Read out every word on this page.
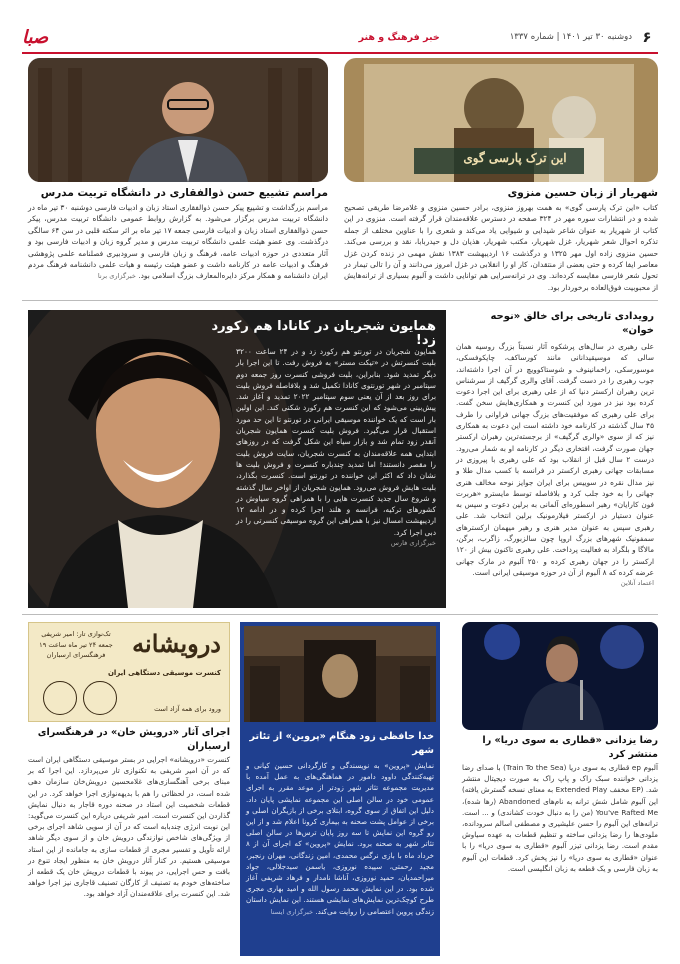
۶
دوشنبه ۳۰ تیر ۱۴۰۱ | شماره ۱۳۳۷
خبر فرهنگ و هنر
صبا
این ترک پارسی گوی
شهریار از زبان حسین منزوی
کتاب «این ترک پارسی گوی» به همت بهروز منزوی، برادر حسین منزوی و غلامرضا طریقی تصحیح شده و در انتشارات سوره مهر در ۳۲۴ صفحه در دسترس علاقه‌مندان قرار گرفته است. منزوی در این کتاب از شهریار به عنوان شاعر شیدایی و شیوایی یاد می‌کند و شعری را با عناوین مختلف از جمله تذکره احوال شعر شهریار، غزل شهریار، مکتب شهریار، هذیان دل و حیدربابا، نقد و بررسی می‌کند. حسین منزوی زاده اول مهر ۱۳۲۵ و درگذشت ۱۶ اردیبهشت ۱۳۸۳ نقش مهمی در زنده کردن غزل معاصر ایفا کرده و حتی بعضی از منتقدان، کار او را انقلابی در غزل امروز می‌دانند و آن را تالی تیمار در تحول شعر فارسی مقایسه کرده‌اند. وی در ترانه‌سرایی هم توانایی داشت و آلبوم بسیاری از ترانه‌هایش از محبوبیت فوق‌العاده برخوردار بود.
مراسم تشییع حسن ذوالفقاری در دانشگاه تربیت مدرس
مراسم بزرگداشت و تشییع پیکر حسن ذوالفقاری استاد زبان و ادبیات فارسی دوشنبه ۳۰ تیر ماه در دانشگاه تربیت مدرس برگزار می‌شود. به گزارش روابط عمومی دانشگاه تربیت مدرس، پیکر حسن ذوالفقاری استاد زبان و ادبیات فارسی جمعه ۱۷ تیر ماه بر اثر سکته قلبی در سن ۶۴ سالگی درگذشت. وی عضو هیئت علمی دانشگاه تربیت مدرس و مدیر گروه زبان و ادبیات فارسی بود و آثار متعددی در حوزه ادبیات عامه، فرهنگ و زبان فارسی و سرودبیری فصلنامه علمی پژوهشی فرهنگ و ادبیات عامه در کارنامه داشت و عضو هیئت رئیسه و هیات علمی دانشنامه فرهنگ مردم ایران دانشنامه و همکار مرکز دایره‌المعارف بزرگ اسلامی بود. خبرگزاری برنا
همایون شجریان در کانادا هم رکورد زد!
همایون شجریان در تورنتو هم رکورد زد و در ۲۴ ساعت ۳۲۰۰ بلیت کنسرتش در «تیکت مستر» به فروش رفت. تا این اجرا بار دیگر تمدید شود. بنابراین، بلیت فروشی کنسرت روز جمعه دوم سپتامبر در شهر تورنتوی کانادا تکمیل شد و بلافاصله فروش بلیت برای روز بعد از آن یعنی سوم سپتامبر ۲۰۲۲ تمدید و آغاز شد. پیش‌بینی می‌شود که این کنسرت هم رکورد شکنی کند. این اولین بار است که یک خواننده موسیقی ایرانی در تورنتو تا این حد مورد استقبال قرار می‌گیرد. فروش بلیت کنسرت همایون شجریان آنقدر زود تمام شد و بازار سیاه این شکل گرفت که در روزهای ابتدایی همه علاقه‌مندان به کنسرت شجریان، سایت فروش بلیت را مقصر دانستند! اما تمدید چندباره کنسرت و فروش بلیت ها نشان داد که اکثر این خواننده در تورنتو است. کنسرت بگذارد، بلیت هایش فروش می‌رود. همایون شجریان از اواخر سال گذشته و شروع سال جدید کنسرت هایی را با همراهی گروه سیاوش در کشورهای ترکیه، فرانسه و هلند اجرا کرده و در ادامه ۱۲ اردیبهشت امسال نیز با همراهی این گروه موسیقی کنسرتی را در دبی اجرا کرد.
خبرگزاری فارس
رویدادی تاریخی برای خالق «نوحه خوان»
علی رهبری در سال‌های پرشکوه آثار نسبتاً بزرگ روسیه همان سالی که موسیقیدانانی مانند کورساکف، چایکوفسکی، موسورسکی، راخمانینوف و شوستاکوویچ در آن اجرا داشته‌اند، جوب رهبری را در دست گرفت. آقای والری گرگیف از سرشناس ترین رهبران ارکستر دنیا که از علی رهبری برای این اجرا دعوت کرده بود نیز در مورد این کنسرت و همکاری‌هایش سخن گفت. برای علی رهبری که موفقیت‌های بزرگ جهانی فراوانی را طرف ۴۵ سال گذشته در کارنامه خود داشته است این دعوت به همکاری نیز که از سوی «والری گرگیف» از برجسته‌ترین رهبران ارکستر جهان صورت گرفت، افتخاری دیگر در کارنامه او به شمار می‌رود. درست ۲ سال قبل از انقلاب بود که علی رهبری با پیروزی در مسابقات جهانی رهبری ارکستر در فرانسه با کسب مدال طلا و نیز مدال نقره در سوییس برای ایران جوایز نوحه مخالف هنری جهانی را به خود جلب کرد و بلافاصله توسط مایسترو «هربرت فون کارایان» رهبر اسطوره‌ای آلمانی به برلین دعوت و سپس به عنوان دستیار در ارکستر فیلارمونیک برلین انتخاب شد. علی رهبری سپس به عنوان مدیر هنری و رهبر میهمان ارکسترهای سمفونیک شهرهای بزرگ اروپا چون سالزبورگ، زاگرب، برگن، مالاگا و بلگراد به فعالیت پرداخت. علی رهبری تاکنون بیش از ۱۲۰ ارکستر را در جهان رهبری کرده و ۲۵۰ آلبوم در مارک جهانی عرضه کرده که ۸ آلبوم از آن در حوزه موسیقی ایرانی است.
اعتماد آنلاین
درویشانه
کنسرت موسیقی دستگاهی ایران
ورود برای همه آزاد است
تک‌نوازی تار: امیر شریفی
جمعه ۲۴ تیر ماه ساعت ۱۹
فرهنگسرای ارسباران
اجرای آثار «درویش خان» در فرهنگسرای ارسباران
کنسرت «درویشانه» اجرایی در بستر موسیقی دستگاهی ایران است که در آن امیر شریفی به تکنوازی تار می‌پردازد. این اجرا که بر مبنای برخی آهنگسازی‌های غلامحسین درویش‌خان سازمان دهی شده است، در لحظاتی را هم با بدیهه‌نوازی اجرا خواهد کرد. در این قطعات شخصیت این استاد در صحنه دوره قاجار به دنبال نمایش گذاردن این کنسرت است. امیر شریفی درباره این کنسرت می‌گوید: این نوبت انرژی چندبابه است که در آن از سویی شاهد اجرای برخی از ویژگی‌های شاخص نوازندگی درویش خان و از سوی دیگر شاهد ارائه تأویل و تفسیر مجری از قطعات سازی به جامانده از این استاد موسیقی هستیم. در کنار آثار درویش خان به منظور ایجاد تنوع در بافت و حس اجرایی، در پیوند با قطعات درویش خان یک قطعه از ساخته‌های خودم به تصنیف از کارگان تصنیف قاجاری نیز اجرا خواهد شد. این کنسرت برای علاقه‌مندان آزاد خواهد بود.
خدا حافظی زود هنگام «پروین» از تئاتر شهر
نمایش «پروین» به نویسندگی و کارگردانی حسین کیانی و تهیه‌کنندگی داوود دامور در هماهنگی‌های به عمل آمده با مدیریت مجموعه تئاتر شهر زودتر از موعد مقرر به اجرای عمومی خود در سالن اصلی این مجموعه نمایشی پایان داد. دلیل این اتفاق از سوی گروه، ابتلای برخی از بازیگران اصلی و برخی از عوامل پشت صحنه به بیماری کرونا اعلام شد و از این رو گروه این نمایش تا سه روز پایان ترس‌ها در سالن اصلی تئاتر شهر به صحنه برود. نمایش «پروین» که اجرای آن از ۸ خرداد ماه با بازی نرگس محمدی، امین زندگانی، مهران رنجبر، مجید رحمتی، سپیده نوروزی، یاسمن سیدجلالی، جواد میراحمدیان، حمید نوروزی، آناشا نامدار و فرهاد شریفی آغاز شده بود. در این نمایش محمد رسول الله و امید بهاری مجری طرح کوچک‌ترین نمایش‌های نمایشی هستند. این نمایش داستان زندگی پروین اعتصامی را روایت می‌کند. خبرگزاری ایسنا
رضا یزدانی «قطاری به سوی دریا» را منتشر کرد
آلبوم ep قطاری به سوی دریا (Train To the Sea) با صدای رضا یزدانی خواننده سبک راک و پاپ راک به صورت دیجیتال منتشر شد. (EP مخفف Extended Play به معنای نسخه گسترش یافته) این آلبوم شامل شش ترانه به نام‌های Abandoned (رها شده)، You've Rafted Me (من را به دنبال خودت کشاندی) و ... است. ترانه‌های این آلبوم را حسن علیشیری و مصطفی اسالم سرودانده، ملودی‌ها را رضا یزدانی ساخته و تنظیم قطعات به عهده سیاوش مقدم است. رضا یزدانی تیزر آلبوم «قطاری به سوی دریا» را با عنوان «قطاری به سوی دریا» را نیز پخش کرد. قطعات این آلبوم به زبان فارسی و یک قطعه به زبان انگلیسی است.
